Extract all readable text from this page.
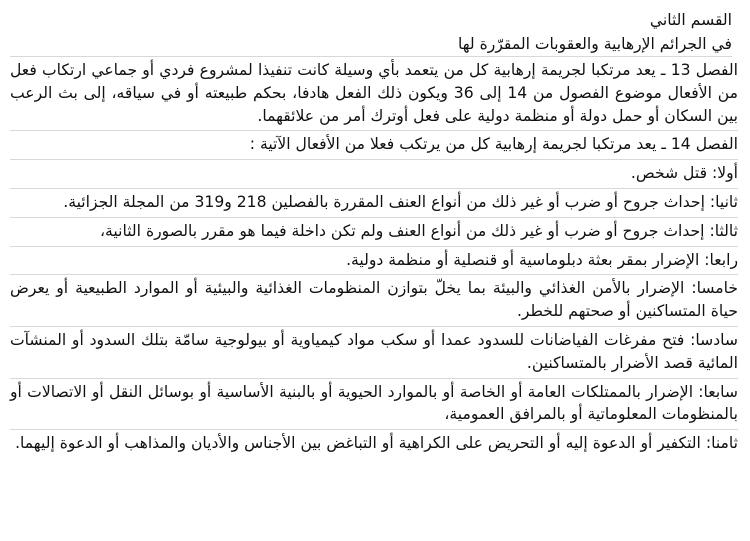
القسم الثاني
في الجرائم الإرهابية والعقوبات المقرّرة لها

الفصل 13 ـ يعد مرتكبا لجريمة إرهابية كل من يتعمد بأي وسيلة كانت تنفيذا لمشروع فردي أو جماعي ارتكاب فعل من الأفعال موضوع الفصول من 14 إلى 36 ويكون ذلك الفعل هادفا، بحكم طبيعته أو في سياقه، إلى بث الرعب بين السكان أو حمل دولة أو منظمة دولية على فعل أوترك أمر من علائقهما.

الفصل 14 ـ يعد مرتكبا لجريمة إرهابية كل من يرتكب فعلا من الأفعال الآتية :

أولا: قتل شخص.

ثانيا: إحداث جروح أو ضرب أو غير ذلك من أنواع العنف المقررة بالفصلين 218 و319 من المجلة الجزائية.

ثالثا: إحداث جروح أو ضرب أو غير ذلك من أنواع العنف ولم تكن داخلة فيما هو مقرر بالصورة الثانية،

رابعا: الإضرار بمقر بعثة دبلوماسية أو قنصلية أو منظمة دولية.

خامسا: الإضرار بالأمن الغذائي والبيئة بما يخلّ بتوازن المنظومات الغذائية والبيئية أو الموارد الطبيعية أو يعرض حياة المتساكنين أو صحتهم للخطر.

سادسا: فتح مفرغات الفياضانات للسدود عمدا أو سكب مواد كيمياوية أو بيولوجية سامّة بتلك السدود أو المنشآت المائية قصد الأضرار بالمتساكنين.

سابعا: الإضرار بالممتلكات العامة أو الخاصة أو بالموارد الحيوية أو بالبنية الأساسية أو بوسائل النقل أو الاتصالات أو بالمنظومات المعلوماتية أو بالمرافق العمومية،

ثامنا: التكفير أو الدعوة إليه أو التحريض على الكراهية أو التباغض بين الأجناس والأديان والمذاهب أو الدعوة إليهما.
